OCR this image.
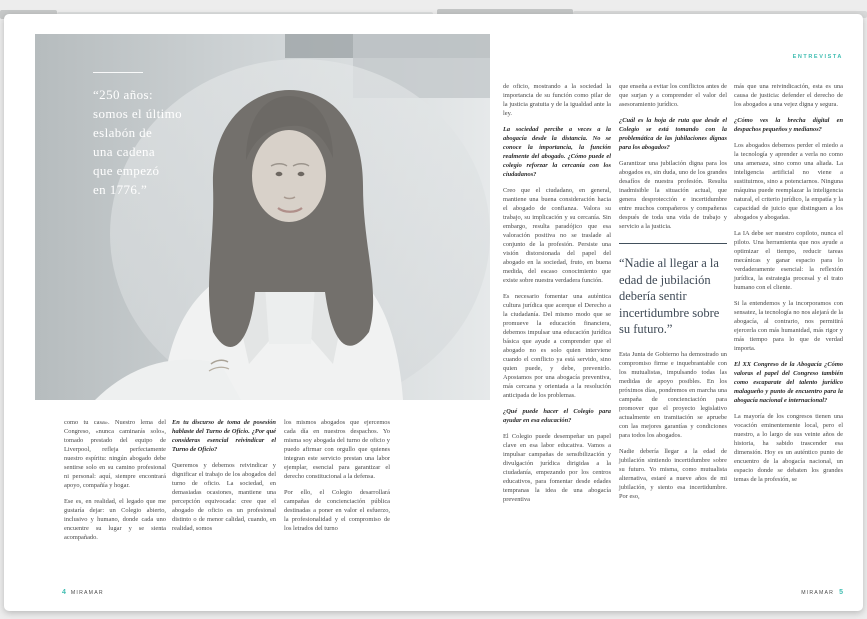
“250 años:
somos el último
eslabón de
una cadena
que empezó
en 1776.”

como tu casa». Nuestro lema del Congreso, «nunca caminarás solo», tomado prestado del equipo de Liverpool, refleja perfectamente nuestro espíritu: ningún abogado debe sentirse solo en su camino profesional ni personal: aquí, siempre encontrará apoyo, compañía y hogar.

Ese es, en realidad, el legado que me gustaría dejar: un Colegio abierto, inclusivo y humano, donde cada uno encuentre su lugar y se sienta acompañado.

En tu discurso de toma de posesión hablaste del Turno de Oficio. ¿Por qué consideras esencial reivindicar el Turno de Oficio?

Queremos y debemos reivindicar y dignificar el trabajo de los abogados del turno de oficio. La sociedad, en demasiadas ocasiones, mantiene una percepción equivocada: cree que el abogado de oficio es un profesional distinto o de menor calidad, cuando, en realidad, somos

los mismos abogados que ejercemos cada día en nuestros despachos. Yo misma soy abogada del turno de oficio y puedo afirmar con orgullo que quienes integran este servicio prestan una labor ejemplar, esencial para garantizar el derecho constitucional a la defensa.

Por ello, el Colegio desarrollará campañas de concienciación pública destinadas a poner en valor el esfuerzo, la profesionalidad y el compromiso de los letrados del turno

4 MIRAMAR
ENTREVISTA

de oficio, mostrando a la sociedad la importancia de su función como pilar de la justicia gratuita y de la igualdad ante la ley.

La sociedad percibe a veces a la abogacía desde la distancia. No se conoce la importancia, la función realmente del abogado. ¿Cómo puede el colegio reforzar la cercanía con los ciudadanos?

Creo que el ciudadano, en general, mantiene una buena consideración hacia el abogado de confianza. Valora su trabajo, su implicación y su cercanía. Sin embargo, resulta paradójico que esa valoración positiva no se traslade al conjunto de la profesión. Persiste una visión distorsionada del papel del abogado en la sociedad, fruto, en buena medida, del escaso conocimiento que existe sobre nuestra verdadera función.

Es necesario fomentar una auténtica cultura jurídica que acerque el Derecho a la ciudadanía. Del mismo modo que se promueve la educación financiera, debemos impulsar una educación jurídica básica que ayude a comprender que el abogado no es solo quien interviene cuando el conflicto ya está servido, sino quien puede, y debe, prevenirlo. Apostamos por una abogacía preventiva, más cercana y orientada a la resolución anticipada de los problemas.

¿Qué puede hacer el Colegio para ayudar en esa educación?

El Colegio puede desempeñar un papel clave en esa labor educativa. Vamos a impulsar campañas de sensibilización y divulgación jurídica dirigidas a la ciudadanía, empezando por los centros educativos, para fomentar desde edades tempranas la idea de una abogacía preventiva

que enseña a evitar los conflictos antes de que surjan y a comprender el valor del asesoramiento jurídico.

¿Cuál es la hoja de ruta que desde el Colegio se está tomando con la problemática de las jubilaciones dignas para los abogados?

Garantizar una jubilación digna para los abogados es, sin duda, uno de los grandes desafíos de nuestra profesión. Resulta inadmisible la situación actual, que genera desprotección e incertidumbre entre muchos compañeros y compañeras después de toda una vida de trabajo y servicio a la justicia.

“Nadie al llegar a la edad de jubilación debería sentir incertidumbre sobre su futuro.”

Esta Junta de Gobierno ha demostrado un compromiso firme e inquebrantable con los mutualistas, impulsando todas las medidas de apoyo posibles. En los próximos días, pondremos en marcha una campaña de concienciación para promover que el proyecto legislativo actualmente en tramitación se apruebe con las mejores garantías y condiciones para todos los abogados.

Nadie debería llegar a la edad de jubilación sintiendo incertidumbre sobre su futuro. Yo misma, como mutualista alternativa, estaré a nueve años de mi jubilación, y siento esa incertidumbre. Por eso,

más que una reivindicación, esta es una causa de justicia: defender el derecho de los abogados a una vejez digna y segura.

¿Cómo ves la brecha digital en despachos pequeños y medianos?

Los abogados debemos perder el miedo a la tecnología y aprender a verla no como una amenaza, sino como una aliada. La inteligencia artificial no viene a sustituirnos, sino a potenciarnos. Ninguna máquina puede reemplazar la inteligencia natural, el criterio jurídico, la empatía y la capacidad de juicio que distinguen a los abogados y abogadas.

La IA debe ser nuestro copiloto, nunca el piloto. Una herramienta que nos ayude a optimizar el tiempo, reducir tareas mecánicas y ganar espacio para lo verdaderamente esencial: la reflexión jurídica, la estrategia procesal y el trato humano con el cliente.

Si la entendemos y la incorporamos con sensatez, la tecnología no nos alejará de la abogacía, al contrario, nos permitirá ejercerla con más humanidad, más rigor y más tiempo para lo que de verdad importa.

El XX Congreso de la Abogacía ¿Cómo valoras el papel del Congreso también como escaparate del talento jurídico malagueño y punto de encuentro para la abogacía nacional e internacional?

La mayoría de los congresos tienen una vocación eminentemente local, pero el nuestro, a lo largo de sus veinte años de historia, ha sabido trascender esa dimensión. Hoy es un auténtico punto de encuentro de la abogacía nacional, un espacio donde se debaten los grandes temas de la profesión, se

MIRAMAR 5
